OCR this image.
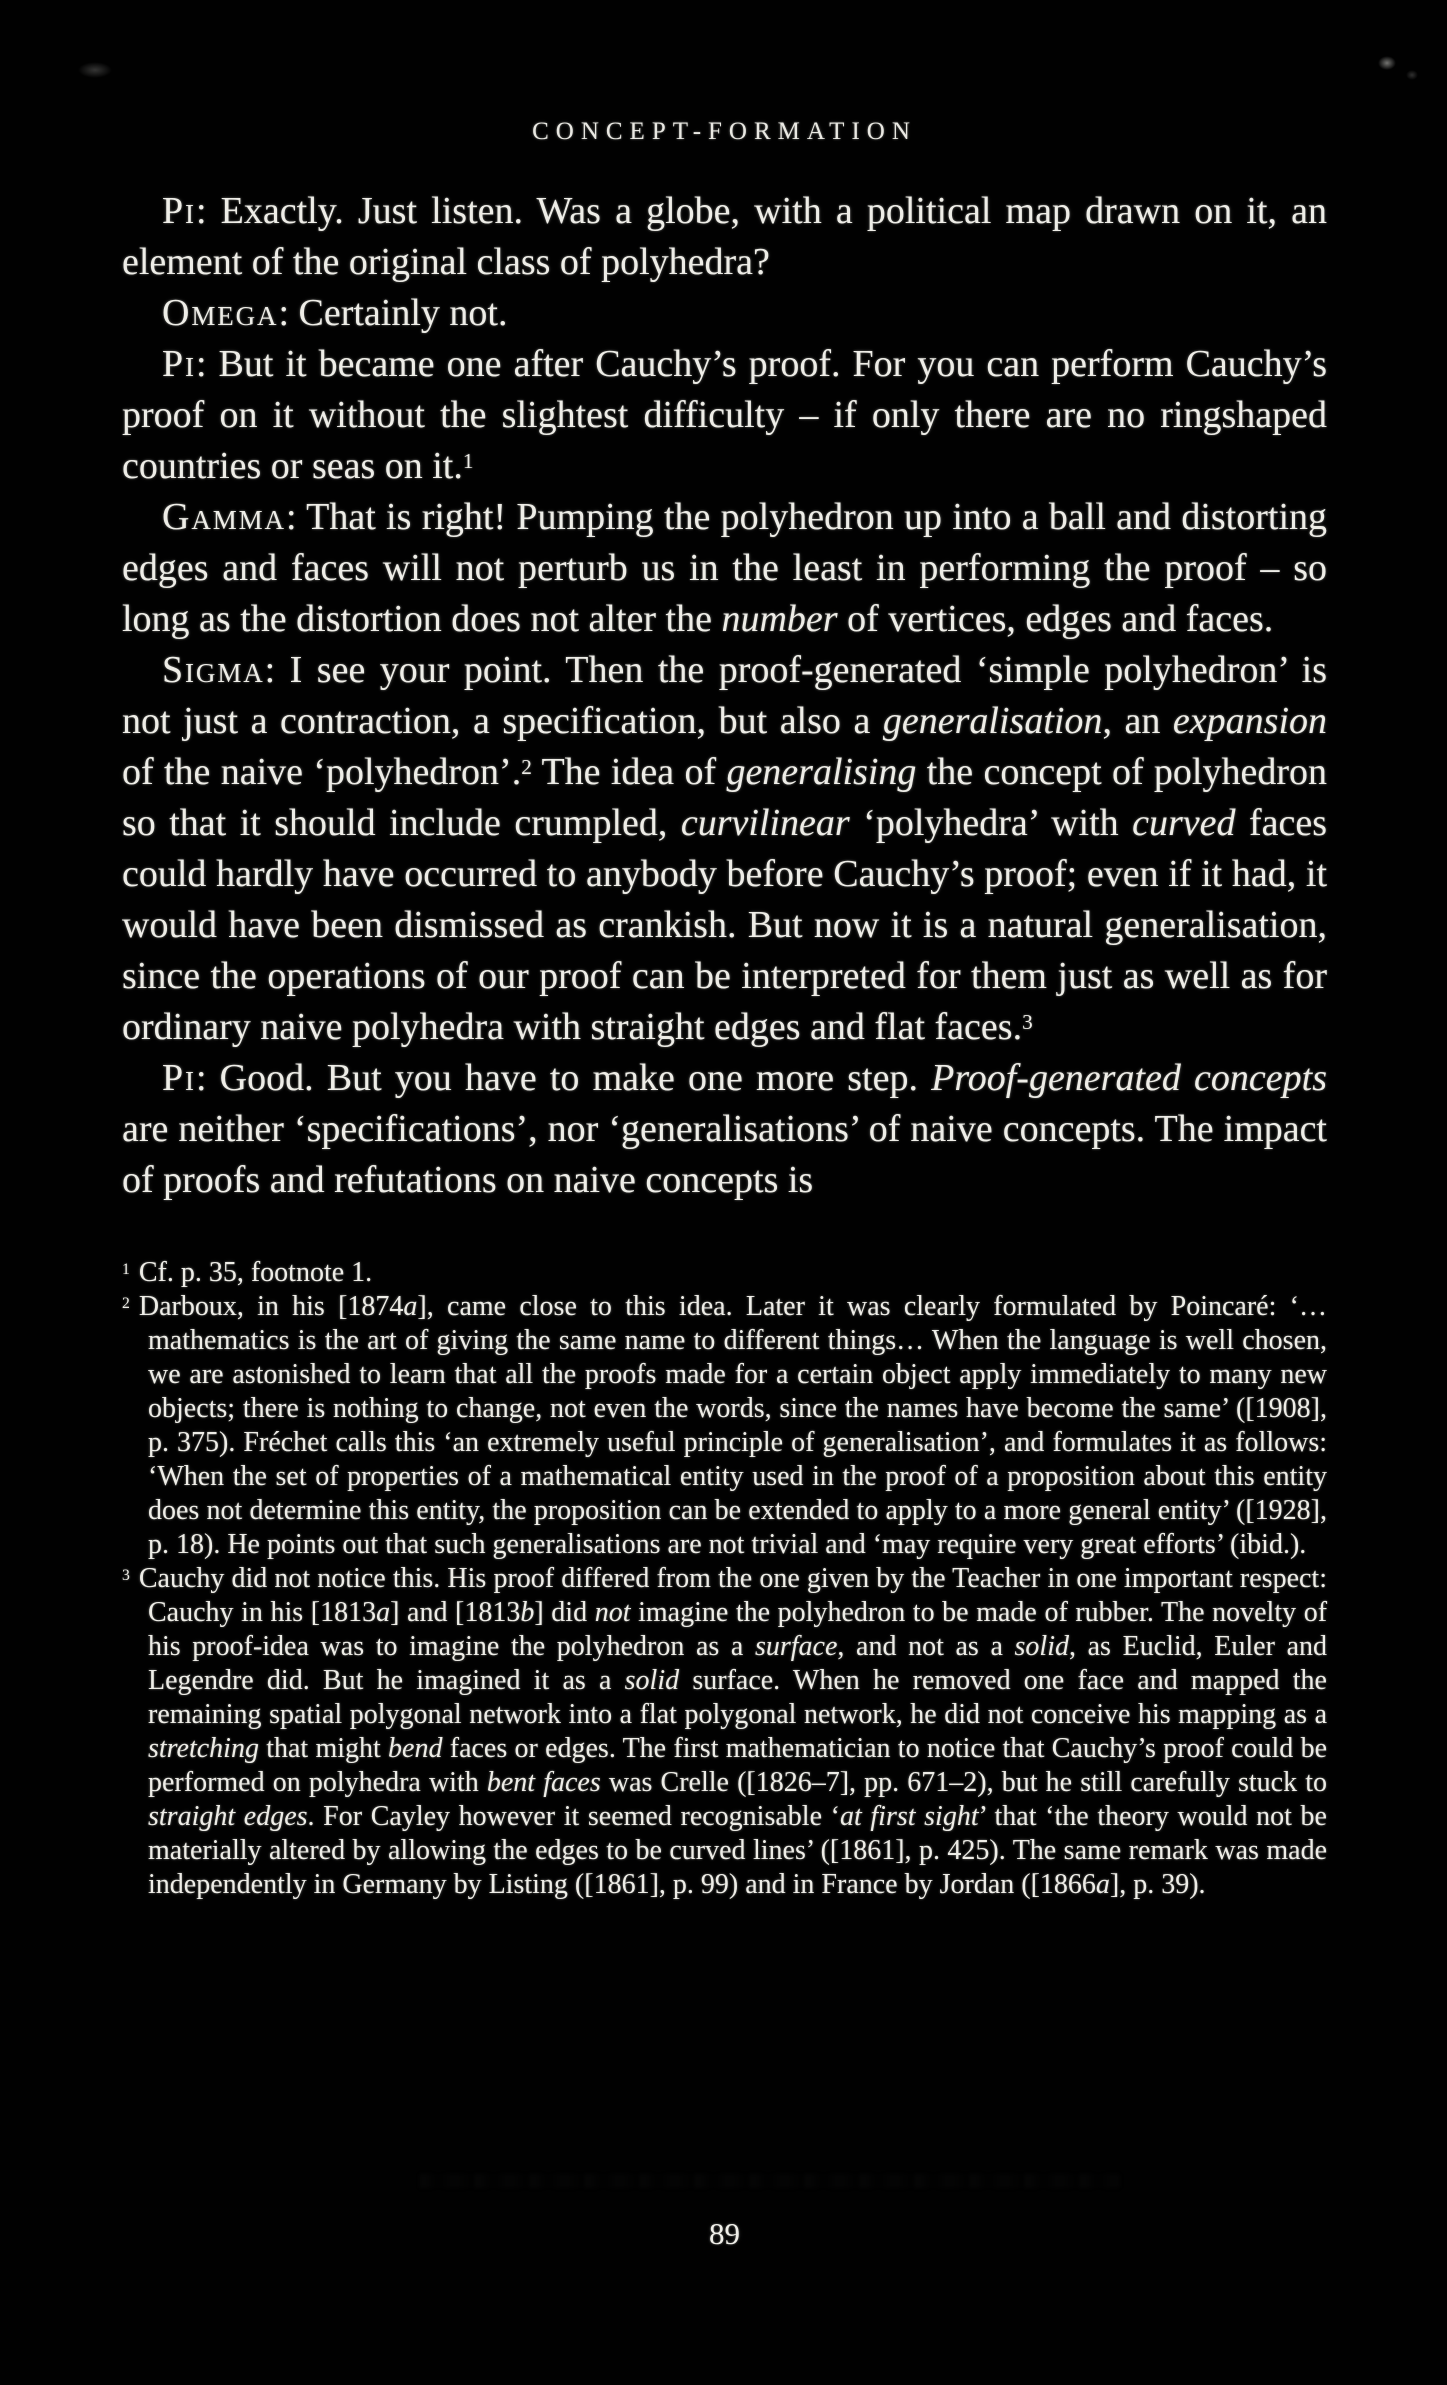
CONCEPT-FORMATION

Pi: Exactly. Just listen. Was a globe, with a political map drawn on it, an element of the original class of polyhedra?

Omega: Certainly not.

Pi: But it became one after Cauchy’s proof. For you can perform Cauchy’s proof on it without the slightest difficulty – if only there are no ringshaped countries or seas on it.$^1$

Gamma: That is right! Pumping the polyhedron up into a ball and distorting edges and faces will not perturb us in the least in performing the proof – so long as the distortion does not alter the number of vertices, edges and faces.

Sigma: I see your point. Then the proof-generated ‘simple polyhedron’ is not just a contraction, a specification, but also a generalisation, an expansion of the naive ‘polyhedron’.$^2$ The idea of generalising the concept of polyhedron so that it should include crumpled, curvilinear ‘polyhedra’ with curved faces could hardly have occurred to anybody before Cauchy’s proof; even if it had, it would have been dismissed as crankish. But now it is a natural generalisation, since the operations of our proof can be interpreted for them just as well as for ordinary naive polyhedra with straight edges and flat faces.$^3$

Pi: Good. But you have to make one more step. Proof-generated concepts are neither ‘specifications’, nor ‘generalisations’ of naive concepts. The impact of proofs and refutations on naive concepts is

$^1$ Cf. p. 35, footnote 1.
$^2$ Darboux, in his [1874a], came close to this idea. Later it was clearly formulated by Poincaré: ‘…mathematics is the art of giving the same name to different things… When the language is well chosen, we are astonished to learn that all the proofs made for a certain object apply immediately to many new objects; there is nothing to change, not even the words, since the names have become the same’ ([1908], p. 375). Fréchet calls this ‘an extremely useful principle of generalisation’, and formulates it as follows: ‘When the set of properties of a mathematical entity used in the proof of a proposition about this entity does not determine this entity, the proposition can be extended to apply to a more general entity’ ([1928], p. 18). He points out that such generalisations are not trivial and ‘may require very great efforts’ (ibid.).
$^3$ Cauchy did not notice this. His proof differed from the one given by the Teacher in one important respect: Cauchy in his [1813a] and [1813b] did not imagine the polyhedron to be made of rubber. The novelty of his proof-idea was to imagine the polyhedron as a surface, and not as a solid, as Euclid, Euler and Legendre did. But he imagined it as a solid surface. When he removed one face and mapped the remaining spatial polygonal network into a flat polygonal network, he did not conceive his mapping as a stretching that might bend faces or edges. The first mathematician to notice that Cauchy’s proof could be performed on polyhedra with bent faces was Crelle ([1826–7], pp. 671–2), but he still carefully stuck to straight edges. For Cayley however it seemed recognisable ‘at first sight’ that ‘the theory would not be materially altered by allowing the edges to be curved lines’ ([1861], p. 425). The same remark was made independently in Germany by Listing ([1861], p. 99) and in France by Jordan ([1866a], p. 39).
89
